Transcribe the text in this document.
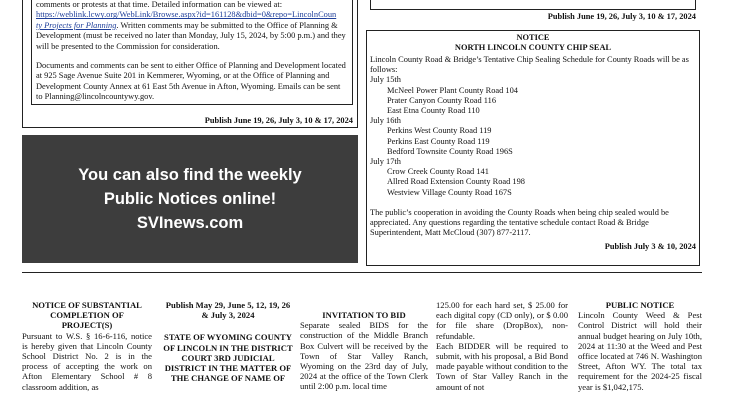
comments or protests at that time. Detailed information can be viewed at:

https://weblink.lcwy.org/WebLink/Browse.aspx?id=161128&dbid=0&repo=LincolnCoun
ty Projects for Planning. Written comments may be submitted to the Office of Planning & Development (must be received no later than Monday, July 15, 2024, by 5:00 p.m.) and they will be presented to the Commission for consideration.

Documents and comments can be sent to either Office of Planning and Development located at 925 Sage Avenue Suite 201 in Kemmerer, Wyoming, or at the Office of Planning and Development County Annex at 61 East 5th Avenue in Afton, Wyoming. Emails can be sent to Planning@lincolncountywy.gov.

Publish June 19, 26, July 3, 10 & 17, 2024
Publish June 19, 26, July 3, 10 & 17, 2024
NOTICE
NORTH LINCOLN COUNTY CHIP SEAL
Lincoln County Road & Bridge’s Tentative Chip Sealing Schedule for County Roads will be as follows:
July 15th
McNeel Power Plant County Road 104
Prater Canyon County Road 116
East Etna County Road 110
July 16th
Perkins West County Road 119
Perkins East County Road 119
Bedford Townsite County Road 196S
July 17th
Crow Creek County Road 141
Allred Road Extension County Road 198
Westview Village County Road 167S
The public’s cooperation in avoiding the County Roads when being chip sealed would be appreciated. Any questions regarding the tentative schedule contact Road & Bridge Superintendent, Matt McCloud (307) 877-2117.
Publish July 3 & 10, 2024
You can also find the weekly
Public Notices online!
SVInews.com
NOTICE OF SUBSTANTIAL
COMPLETION OF
PROJECT(S)
Pursuant to W.S. § 16-6-116, notice is hereby given that Lincoln County School District No. 2 is in the process of accepting the work on Afton Elementary School # 8 classroom addition, as
Publish May 29, June 5, 12, 19, 26 & July 3, 2024
STATE OF WYOMING COUNTY OF LINCOLN IN THE DISTRICT COURT 3RD JUDICIAL DISTRICT IN THE MATTER OF THE CHANGE OF NAME OF
INVITATION TO BID
Separate sealed BIDS for the construction of the Middle Branch Box Culvert will be received by the Town of Star Valley Ranch, Wyoming on the 23rd day of July, 2024 at the office of the Town Clerk until 2:00 p.m. local time
125.00 for each hard set, $ 25.00 for each digital copy (CD only), or $ 0.00 for file share (DropBox), non-refundable.
Each BIDDER will be required to submit, with his proposal, a Bid Bond made payable without condition to the Town of Star Valley Ranch in the amount of not
PUBLIC NOTICE
Lincoln County Weed & Pest Control District will hold their annual budget hearing on July 10th, 2024 at 11:30 at the Weed and Pest office located at 746 N. Washington Street, Afton WY. The total tax requirement for the 2024-25 fiscal year is $1,042,175.
